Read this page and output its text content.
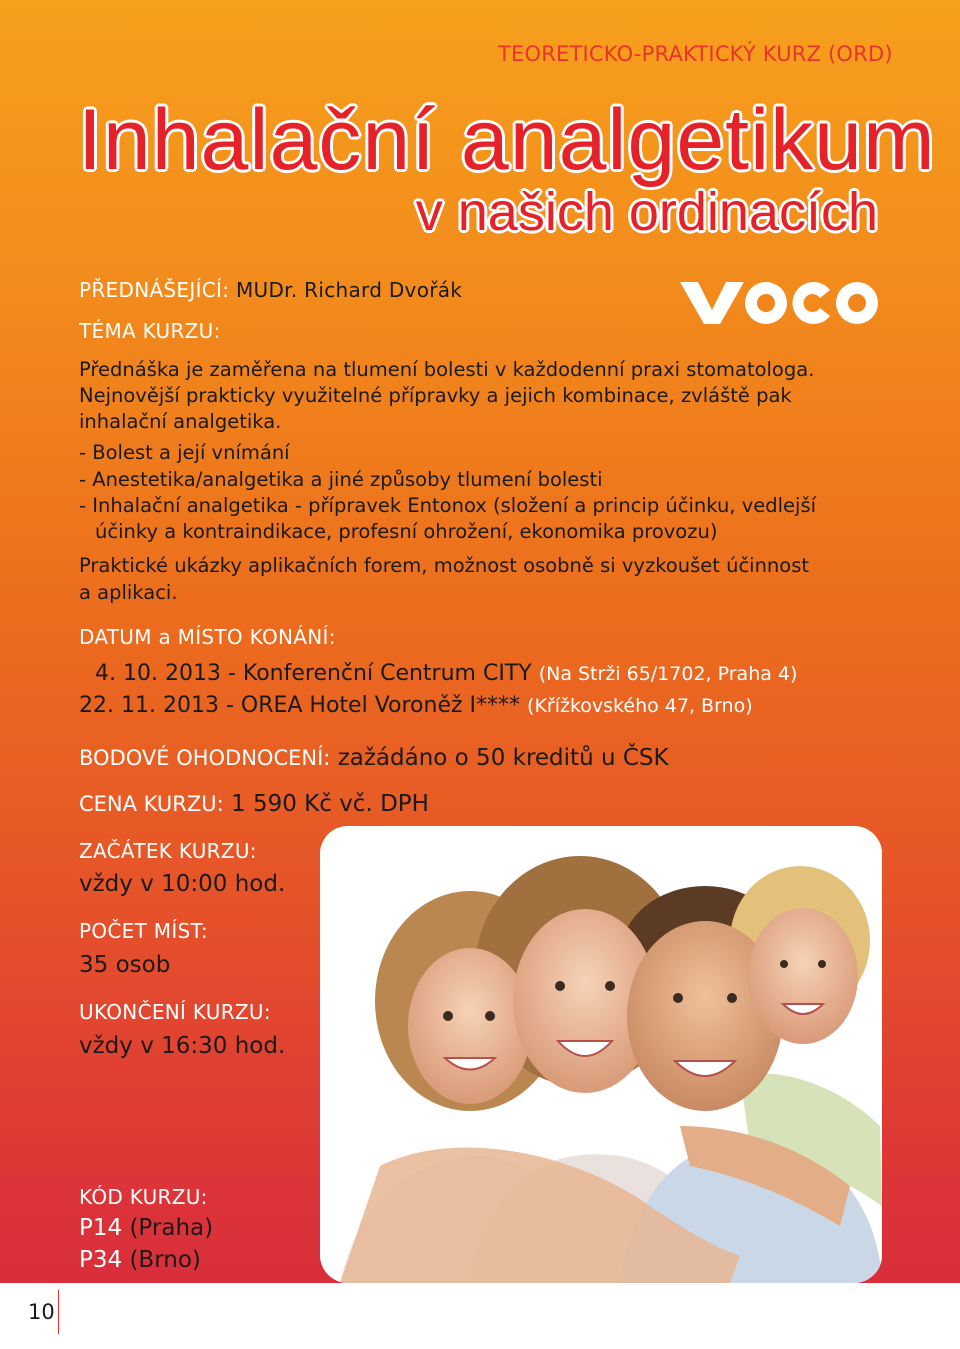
TEORETICKO-PRAKTICKÝ KURZ (ORD)
Inhalační analgetikum
v našich ordinacích
PŘEDNÁŠEJÍCÍ: MUDr. Richard Dvořák
TÉMA KURZU:
Přednáška je zaměřena na tlumení bolesti v každodenní praxi stomatologa.
Nejnovější prakticky využitelné přípravky a jejich kombinace, zvláště pak
inhalační analgetika.
- Bolest a její vnímání
- Anestetika/analgetika a jiné způsoby tlumení bolesti
- Inhalační analgetika - přípravek Entonox (složení a princip účinku, vedlejší
účinky a kontraindikace, profesní ohrožení, ekonomika provozu)
Praktické ukázky aplikačních forem, možnost osobně si vyzkoušet účinnost
a aplikaci.
DATUM a MÍSTO KONÁNÍ:
4. 10. 2013 - Konferenční Centrum CITY (Na Strži 65/1702, Praha 4)
22. 11. 2013 - OREA Hotel Voroněž I**** (Křížkovského 47, Brno)
BODOVÉ OHODNOCENÍ: zažádáno o 50 kreditů u ČSK
CENA KURZU: 1 590 Kč vč. DPH
ZAČÁTEK KURZU:
vždy v 10:00 hod.
POČET MÍST:
35 osob
UKONČENÍ KURZU:
vždy v 16:30 hod.
KÓD KURZU:
P14 (Praha)
P34 (Brno)
10
